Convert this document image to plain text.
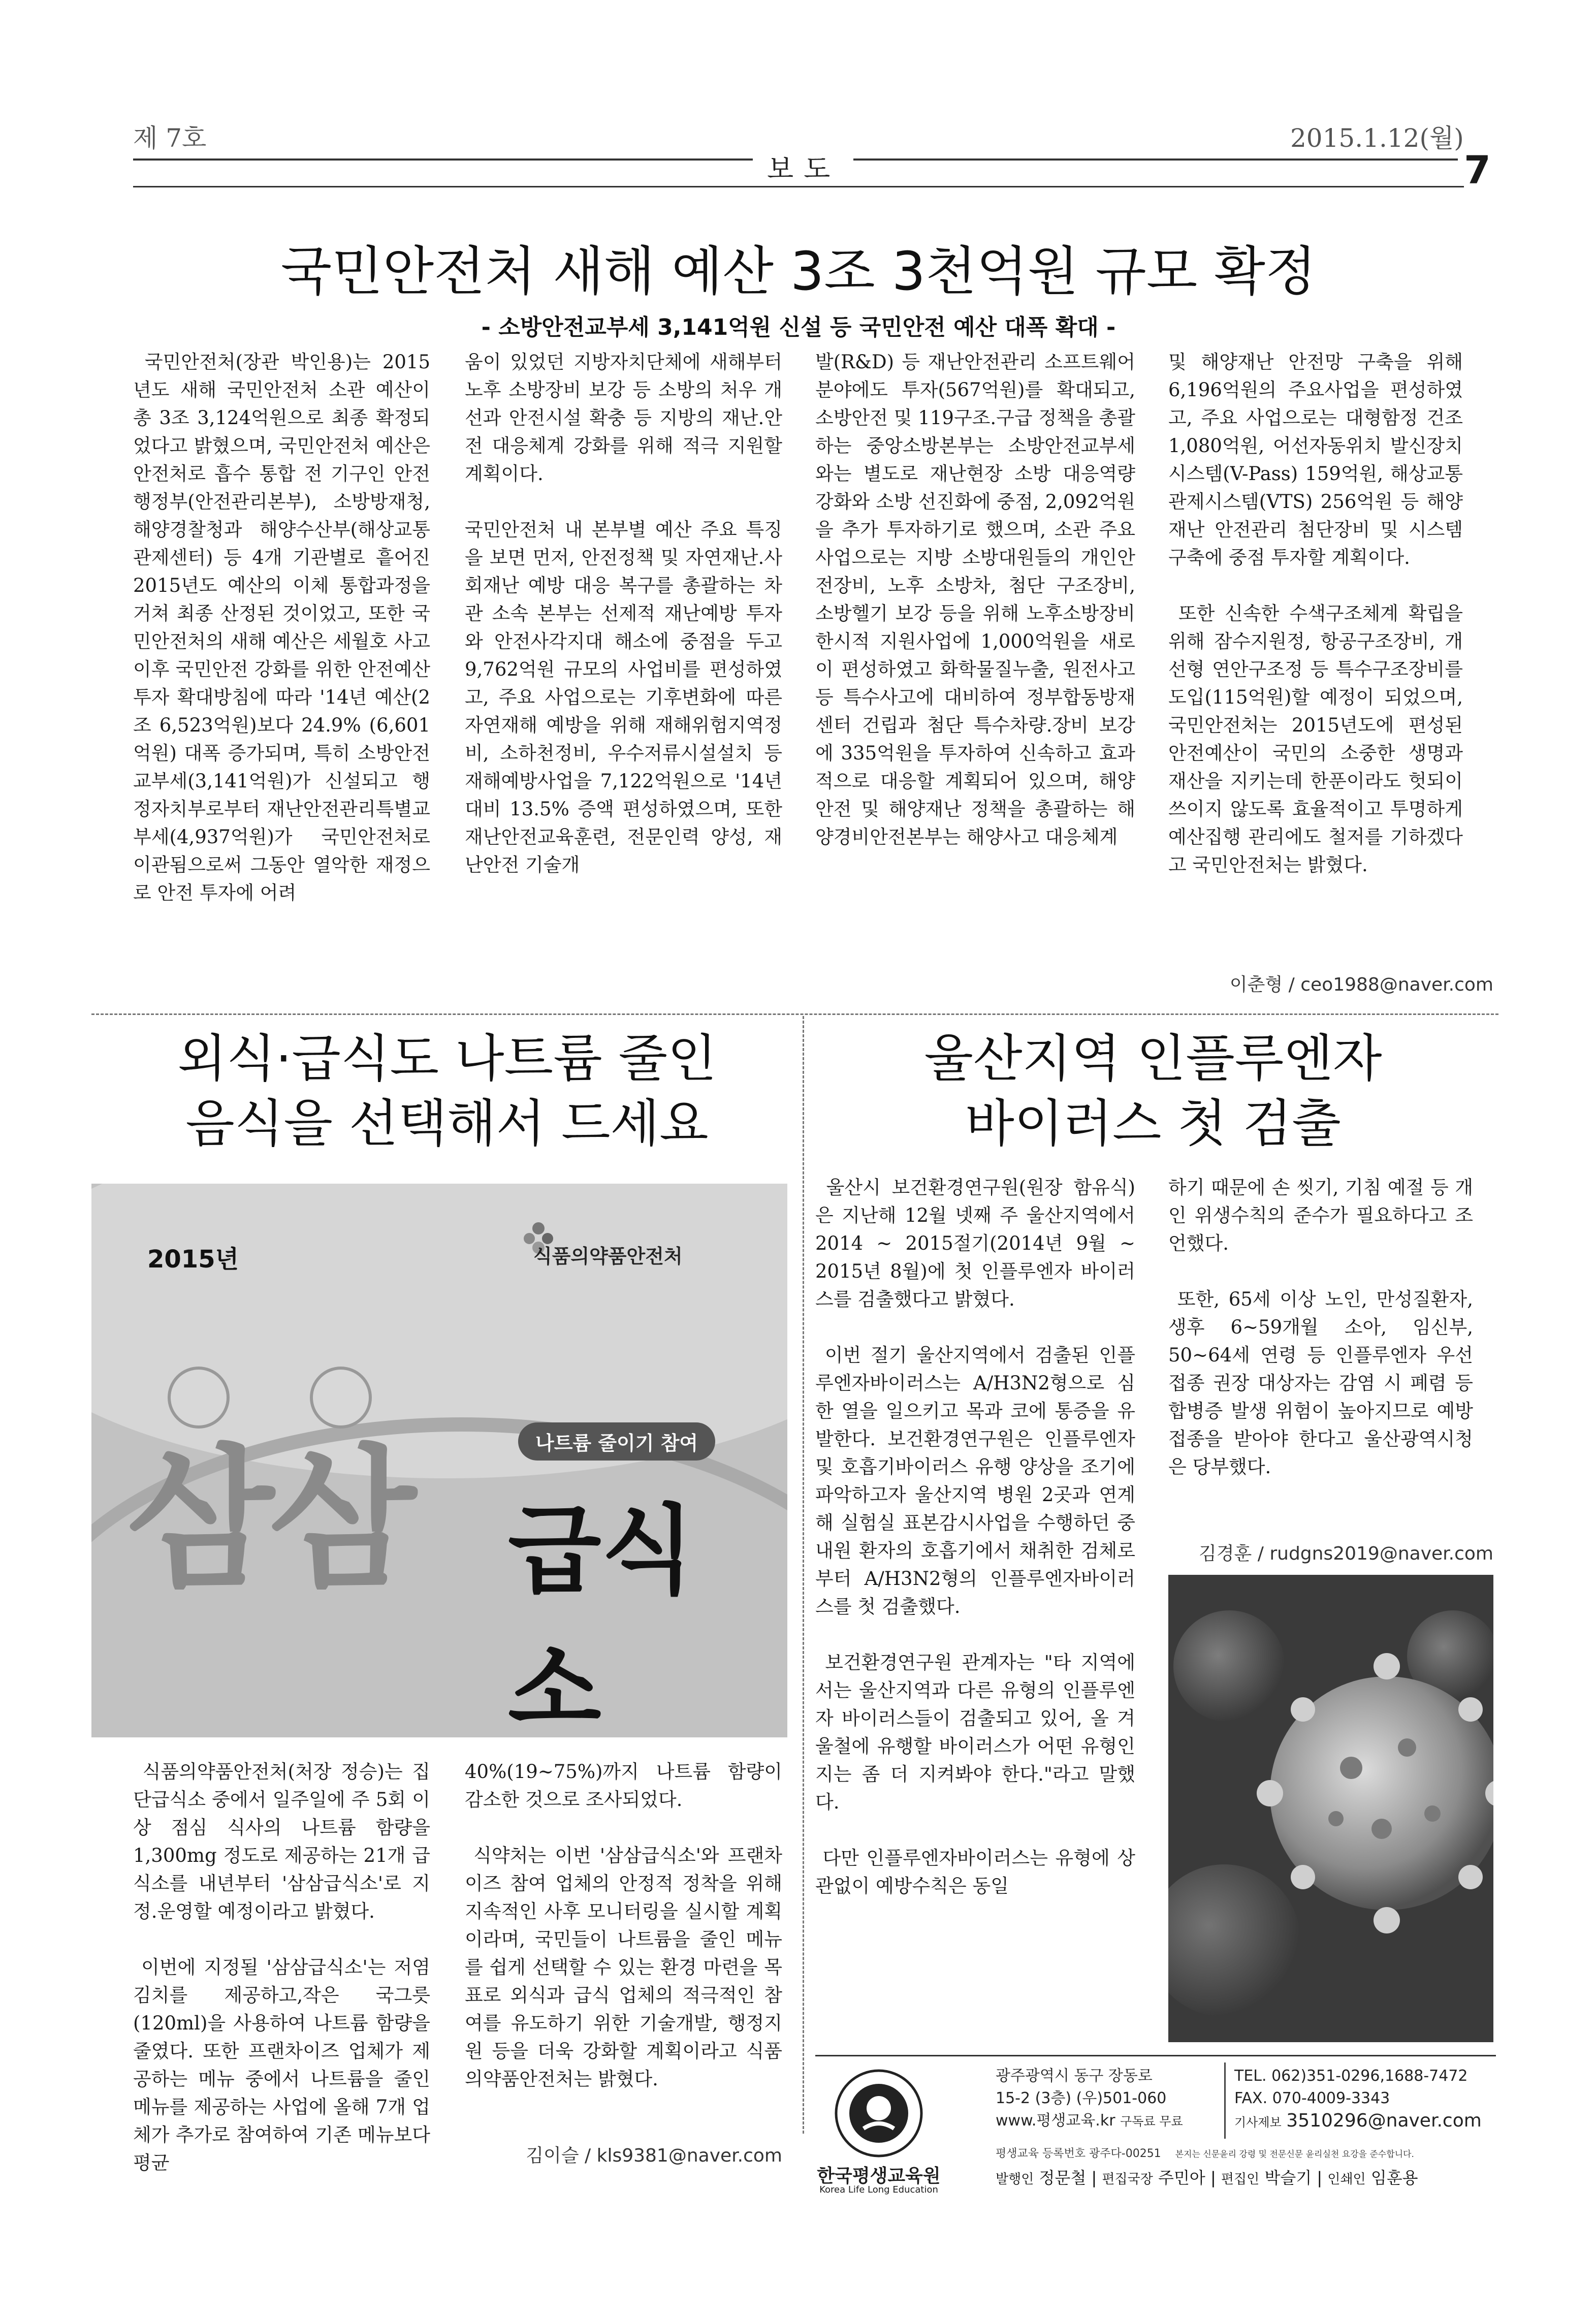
제 7호	2015.1.12(월)
보도	7
국민안전처 새해 예산 3조 3천억원 규모 확정
- 소방안전교부세 3,141억원 신설 등 국민안전 예산 대폭 확대 -
국민안전처(장관 박인용)는 2015년도 새해 국민안전처 소관 예산이 총 3조 3,124억원으로 최종 확정되었다고 밝혔으며, 국민안전처 예산은 안전처로 흡수 통합 전 기구인 안전행정부(안전관리본부), 소방방재청, 해양경찰청과 해양수산부(해상교통관제센터) 등 4개 기관별로 흩어진 2015년도 예산의 이체 통합과정을 거쳐 최종 산정된 것이었고, 또한 국민안전처의 새해 예산은 세월호 사고 이후 국민안전 강화를 위한 안전예산 투자 확대방침에 따라 '14년 예산(2조 6,523억원)보다 24.9% (6,601억원) 대폭 증가되며, 특히 소방안전교부세(3,141억원)가 신설되고 행정자치부로부터 재난안전관리특별교부세(4,937억원)가 국민안전처로 이관됨으로써 그동안 열악한 재정으로 안전 투자에 어려
움이 있었던 지방자치단체에 새해부터 노후 소방장비 보강 등 소방의 처우 개선과 안전시설 확충 등 지방의 재난.안전 대응체계 강화를 위해 적극 지원할 계획이다.

국민안전처 내 본부별 예산 주요 특징을 보면 먼저, 안전정책 및 자연재난.사회재난 예방 대응 복구를 총괄하는 차관 소속 본부는 선제적 재난예방 투자와 안전사각지대 해소에 중점을 두고 9,762억원 규모의 사업비를 편성하였고, 주요 사업으로는 기후변화에 따른 자연재해 예방을 위해 재해위험지역정비, 소하천정비, 우수저류시설설치 등 재해예방사업을 7,122억원으로 '14년대비 13.5% 증액 편성하였으며, 또한 재난안전교육훈련, 전문인력 양성, 재난안전 기술개
발(R&D) 등 재난안전관리 소프트웨어 분야에도 투자(567억원)를 확대되고, 소방안전 및 119구조.구급 정책을 총괄하는 중앙소방본부는 소방안전교부세와는 별도로 재난현장 소방 대응역량 강화와 소방 선진화에 중점, 2,092억원을 추가 투자하기로 했으며, 소관 주요 사업으로는 지방 소방대원들의 개인안전장비, 노후 소방차, 첨단 구조장비, 소방헬기 보강 등을 위해 노후소방장비 한시적 지원사업에 1,000억원을 새로이 편성하였고 화학물질누출, 원전사고 등 특수사고에 대비하여 정부합동방재센터 건립과 첨단 특수차량.장비 보강에 335억원을 투자하여 신속하고 효과적으로 대응할 계획되어 있으며, 해양안전 및 해양재난 정책을 총괄하는 해양경비안전본부는 해양사고 대응체계
및 해양재난 안전망 구축을 위해 6,196억원의 주요사업을 편성하였고, 주요 사업으로는 대형함정 건조 1,080억원, 어선자동위치 발신장치시스템(V-Pass) 159억원, 해상교통관제시스템(VTS) 256억원 등 해양재난 안전관리 첨단장비 및 시스템 구축에 중점 투자할 계획이다.

또한 신속한 수색구조체계 확립을 위해 잠수지원정, 항공구조장비, 개선형 연안구조정 등 특수구조장비를 도입(115억원)할 예정이 되었으며, 국민안전처는 2015년도에 편성된 안전예산이 국민의 소중한 생명과 재산을 지키는데 한푼이라도 헛되이 쓰이지 않도록 효율적이고 투명하게 예산집행 관리에도 철저를 기하겠다고 국민안전처는 밝혔다.
이춘형 / ceo1988@naver.com
외식·급식도 나트륨 줄인
음식을 선택해서 드세요
2015년	식품의약품안전처
나트륨 줄이기 참여
삼삼 급식소
식품의약품안전처(처장 정승)는 집단급식소 중에서 일주일에 주 5회 이상 점심 식사의 나트륨 함량을 1,300mg 정도로 제공하는 21개 급식소를 내년부터 '삼삼급식소'로 지정.운영할 예정이라고 밝혔다.

이번에 지정될 '삼삼급식소'는 저염김치를 제공하고,작은 국그릇(120ml)을 사용하여 나트륨 함량을 줄였다. 또한 프랜차이즈 업체가 제공하는 메뉴 중에서 나트륨을 줄인 메뉴를 제공하는 사업에 올해 7개 업체가 추가로 참여하여 기존 메뉴보다 평균
40%(19~75%)까지 나트륨 함량이 감소한 것으로 조사되었다.

식약처는 이번 '삼삼급식소'와 프랜차이즈 참여 업체의 안정적 정착을 위해 지속적인 사후 모니터링을 실시할 계획이라며, 국민들이 나트륨을 줄인 메뉴를 쉽게 선택할 수 있는 환경 마련을 목표로 외식과 급식 업체의 적극적인 참여를 유도하기 위한 기술개발, 행정지원 등을 더욱 강화할 계획이라고 식품의약품안전처는 밝혔다.
김이슬 / kls9381@naver.com
울산지역 인플루엔자
바이러스 첫 검출
울산시 보건환경연구원(원장 함유식)은 지난해 12월 넷째 주 울산지역에서 2014 ~ 2015절기(2014년 9월 ~ 2015년 8월)에 첫 인플루엔자 바이러스를 검출했다고 밝혔다.

이번 절기 울산지역에서 검출된 인플루엔자바이러스는 A/H3N2형으로 심한 열을 일으키고 목과 코에 통증을 유발한다. 보건환경연구원은 인플루엔자 및 호흡기바이러스 유행 양상을 조기에 파악하고자 울산지역 병원 2곳과 연계해 실험실 표본감시사업을 수행하던 중 내원 환자의 호흡기에서 채취한 검체로부터 A/H3N2형의 인플루엔자바이러스를 첫 검출했다.

보건환경연구원 관계자는 "타 지역에서는 울산지역과 다른 유형의 인플루엔자 바이러스들이 검출되고 있어, 올 겨울철에 유행할 바이러스가 어떤 유형인지는 좀 더 지켜봐야 한다."라고 말했다.

다만 인플루엔자바이러스는 유형에 상관없이 예방수칙은 동일
하기 때문에 손 씻기, 기침 예절 등 개인 위생수칙의 준수가 필요하다고 조언했다.

또한, 65세 이상 노인, 만성질환자, 생후 6~59개월 소아, 임신부, 50~64세 연령 등 인플루엔자 우선접종 권장 대상자는 감염 시 폐렴 등 합병증 발생 위험이 높아지므로 예방접종을 받아야 한다고 울산광역시청은 당부했다.
김경훈 / rudgns2019@naver.com
한국평생교육원
Korea Life Long Education
광주광역시 동구 장동로
15-2 (3층) (우)501-060
www.평생교육.kr 구독료 무료
TEL. 062)351-0296,1688-7472
FAX. 070-4009-3343
기사제보 3510296@naver.com
평생교육 등록번호 광주다-00251 본지는 신문윤리 강령 및 전문신문 윤리실천 요강을 준수합니다.
발행인 정문철 | 편집국장 주민아 | 편집인 박슬기 | 인쇄인 임훈용
